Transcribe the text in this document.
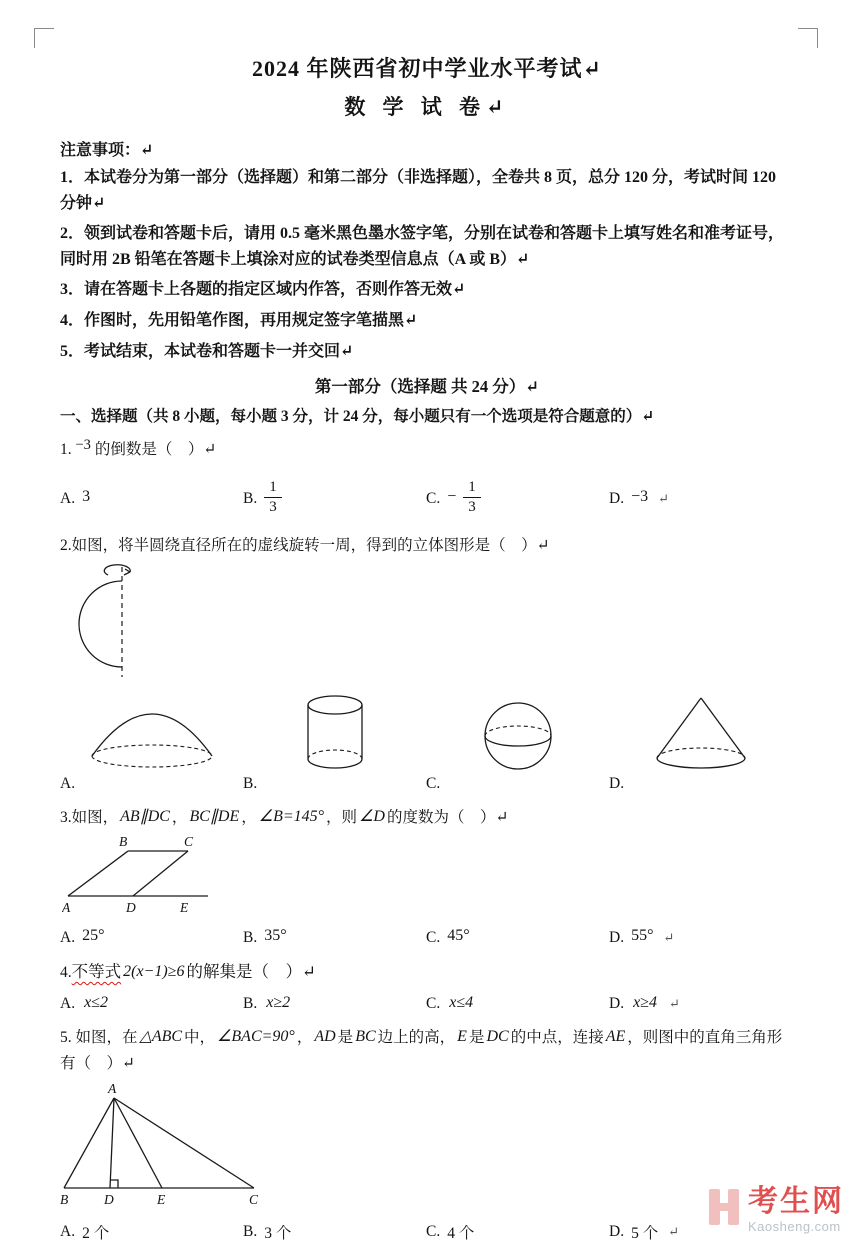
2024 年陕西省初中学业水平考试↵
数 学 试 卷↵
注意事项：↵

1．本试卷分为第一部分（选择题）和第二部分（非选择题），全卷共 8 页，总分 120 分，考试时间 120 分钟↵

2．领到试卷和答题卡后，请用 0.5 毫米黑色墨水签字笔，分别在试卷和答题卡上填写姓名和准考证号，同时用 2B 铅笔在答题卡上填涂对应的试卷类型信息点（A 或 B）↵

3．请在答题卡上各题的指定区域内作答，否则作答无效↵

4．作图时，先用铅笔作图，再用规定签字笔描黑↵

5．考试结束，本试卷和答题卡一并交回↵

第一部分（选择题 共 24 分）↵
一、选择题（共 8 小题，每小题 3 分，计 24 分，每小题只有一个选项是符合题意的）↵
1. −3 的倒数是（　）↵
A. 3	B. $\frac{1}{3}$	C. − $\frac{1}{3}$	D. −3 ↵
2.如图，将半圆绕直径所在的虚线旋转一周，得到的立体图形是（　）↵
A.	B.	C.	D.
3.如图， AB∥DC ， BC∥DE ， ∠B=145° ，则 ∠D 的度数为（　）↵
B	C
A	D	E
A. 25°	B. 35°	C. 45°	D. 55° ↵
4.不等式 2(x−1)≥6 的解集是（　）↵
A. x≤2	B. x≥2	C. x≤4	D. x≥4 ↵
5. 如图，在 △ABC 中， ∠BAC=90° ， AD 是 BC 边上的高， E 是 DC 的中点，连接 AE ，则图中的直角三角形有（　）↵
A
B	D	E	C
A. 2 个	B. 3 个	C. 4 个	D. 5 个 ↵
考生网
Kaosheng.com
